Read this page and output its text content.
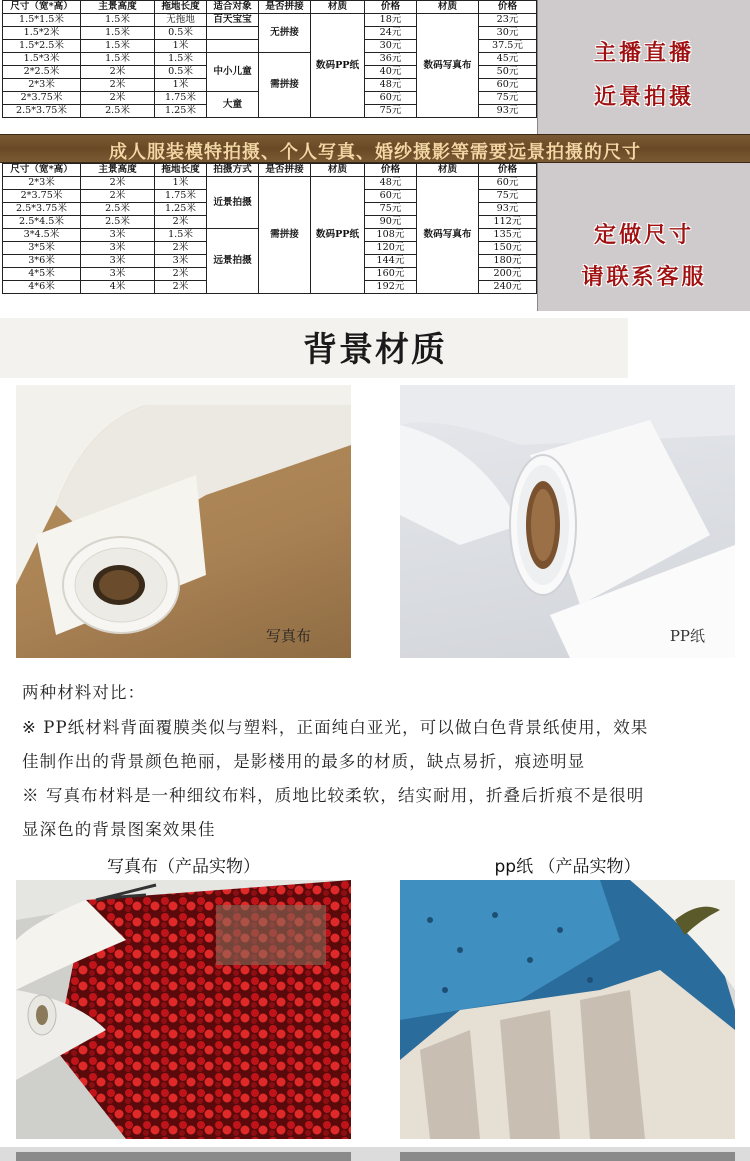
尺寸（宽*高）	主景高度	拖地长度	适合对象	是否拼接	材质	价格	材质	价格
1.5*1.5米	1.5米	无拖地	百天宝宝	无拼接	数码PP纸	18元	数码写真布	23元
1.5*2米	1.5米	0.5米				24元		30元
1.5*2.5米	1.5米	1米				30元		37.5元
1.5*3米	1.5米	1.5米	中小儿童	需拼接		36元		45元
2*2.5米	2米	0.5米				40元		50元
2*3米	2米	1米				48元		60元
2*3.75米	2米	1.75米	大童			60元		75元
2.5*3.75米	2.5米	1.25米				75元		93元
主播直播
近景拍摄
成人服装模特拍摄、个人写真、婚纱摄影等需要远景拍摄的尺寸
尺寸（宽*高）	主景高度	拖地长度	拍摄方式	是否拼接	材质	价格	材质	价格
2*3米	2米	1米	近景拍摄	需拼接	数码PP纸	48元	数码写真布	60元
2*3.75米	2米	1.75米				60元		75元
2.5*3.75米	2.5米	1.25米				75元		93元
2.5*4.5米	2.5米	2米				90元		112元
3*4.5米	3米	1.5米	远景拍摄			108元		135元
3*5米	3米	2米				120元		150元
3*6米	3米	3米				144元		180元
4*5米	3米	2米				160元		200元
4*6米	4米	2米				192元		240元
定做尺寸
请联系客服
背景材质
写真布	PP纸
两种材料对比：
※ PP纸材料背面覆膜类似与塑料，正面纯白亚光，可以做白色背景纸使用，效果
佳制作出的背景颜色艳丽，是影楼用的最多的材质，缺点易折，痕迹明显
※ 写真布材料是一种细纹布料，质地比较柔软，结实耐用，折叠后折痕不是很明
显深色的背景图案效果佳
写真布（产品实物）	pp纸 （产品实物）
